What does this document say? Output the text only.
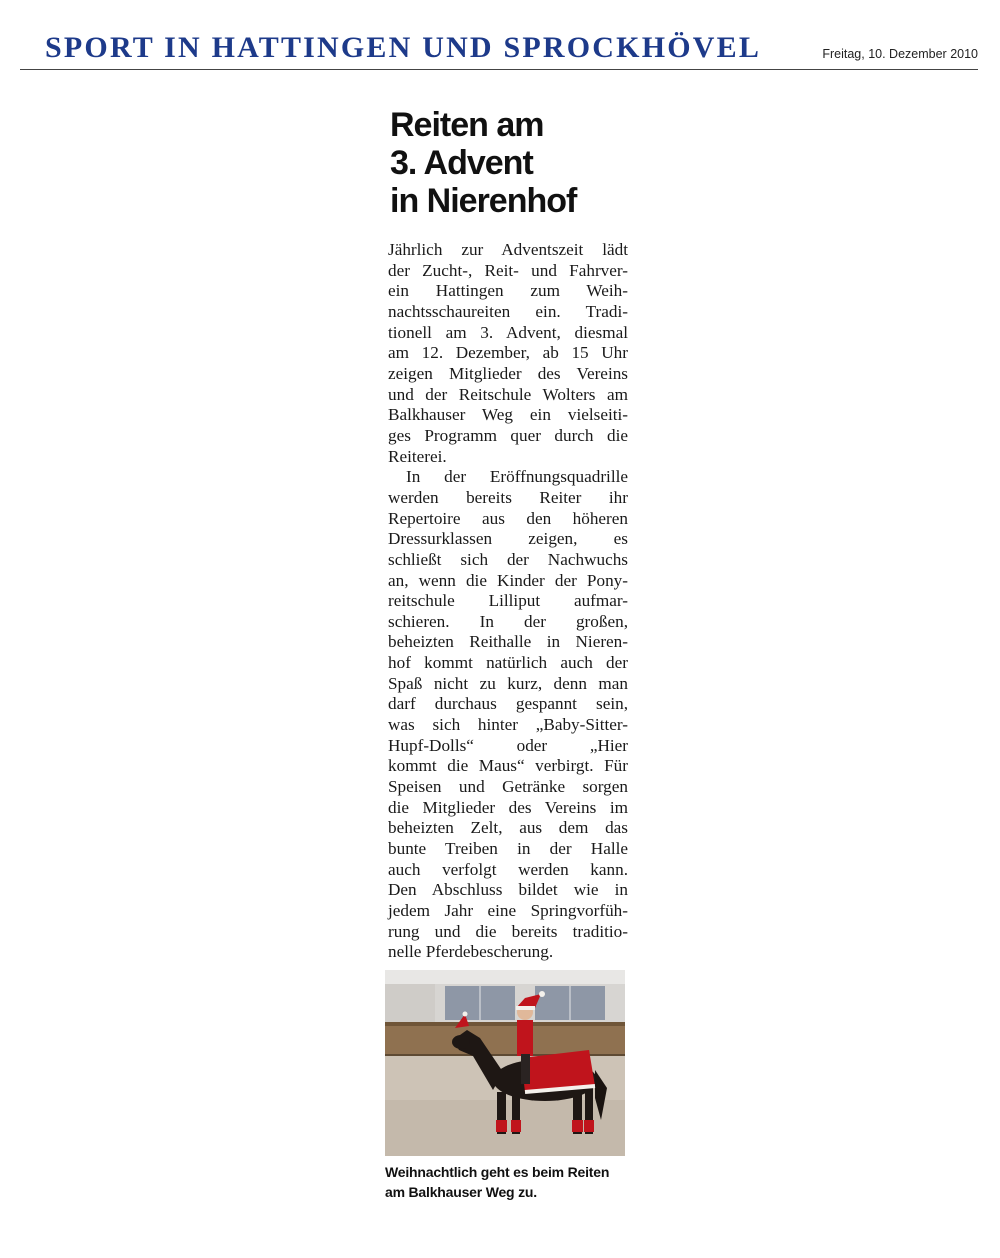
SPORT IN HATTINGEN UND SPROCKHÖVEL	Freitag, 10. Dezember 2010
Reiten am
3. Advent
in Nierenhof
Jährlich zur Adventszeit lädt
der Zucht-, Reit- und Fahrver-
ein Hattingen zum Weih-
nachtsschaureiten ein. Tradi-
tionell am 3. Advent, diesmal
am 12. Dezember, ab 15 Uhr
zeigen Mitglieder des Vereins
und der Reitschule Wolters am
Balkhauser Weg ein vielseiti-
ges Programm quer durch die
Reiterei.
In der Eröffnungsquadrille
werden bereits Reiter ihr
Repertoire aus den höheren
Dressurklassen zeigen, es
schließt sich der Nachwuchs
an, wenn die Kinder der Pony-
reitschule Lilliput aufmar-
schieren. In der großen,
beheizten Reithalle in Nieren-
hof kommt natürlich auch der
Spaß nicht zu kurz, denn man
darf durchaus gespannt sein,
was sich hinter „Baby-Sitter-
Hupf-Dolls“ oder „Hier
kommt die Maus“ verbirgt. Für
Speisen und Getränke sorgen
die Mitglieder des Vereins im
beheizten Zelt, aus dem das
bunte Treiben in der Halle
auch verfolgt werden kann.
Den Abschluss bildet wie in
jedem Jahr eine Springvorfüh-
rung und die bereits traditio-
nelle Pferdebescherung.
Weihnachtlich geht es beim Reiten
am Balkhauser Weg zu.
